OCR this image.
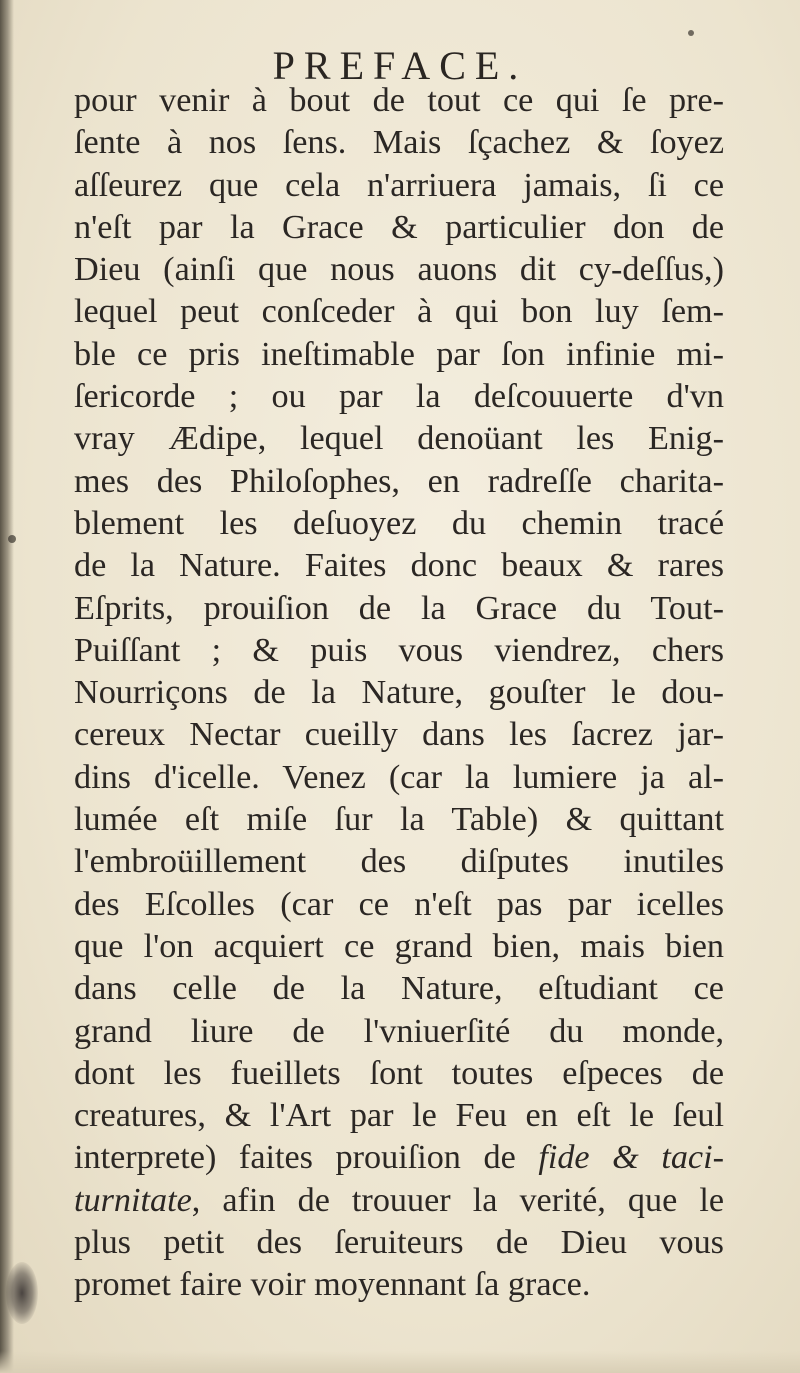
PREFACE.
pour venir à bout de tout ce qui ſe pre-
ſente à nos ſens. Mais ſçachez & ſoyez
aſſeurez que cela n'arriuera jamais, ſi ce
n'eſt par la Grace & particulier don de
Dieu (ainſi que nous auons dit cy-deſſus,)
lequel peut conſceder à qui bon luy ſem-
ble ce pris ineſtimable par ſon infinie mi-
ſericorde ; ou par la deſcouuerte d'vn
vray Ædipe, lequel denoüant les Enig-
mes des Philoſophes, en radreſſe charita-
blement les deſuoyez du chemin tracé
de la Nature. Faites donc beaux & rares
Eſprits, prouiſion de la Grace du Tout-
Puiſſant ; & puis vous viendrez, chers
Nourriçons de la Nature, gouſter le dou-
cereux Nectar cueilly dans les ſacrez jar-
dins d'icelle. Venez (car la lumiere ja al-
lumée eſt miſe ſur la Table) & quittant
l'embroüillement des diſputes inutiles
des Eſcolles (car ce n'eſt pas par icelles
que l'on acquiert ce grand bien, mais bien
dans celle de la Nature, eſtudiant ce
grand liure de l'vniuerſité du monde,
dont les fueillets ſont toutes eſpeces de
creatures, & l'Art par le Feu en eſt le ſeul
interprete) faites prouiſion de fide & taci-
turnitate, afin de trouuer la verité, que le
plus petit des ſeruiteurs de Dieu vous
promet faire voir moyennant ſa grace.
